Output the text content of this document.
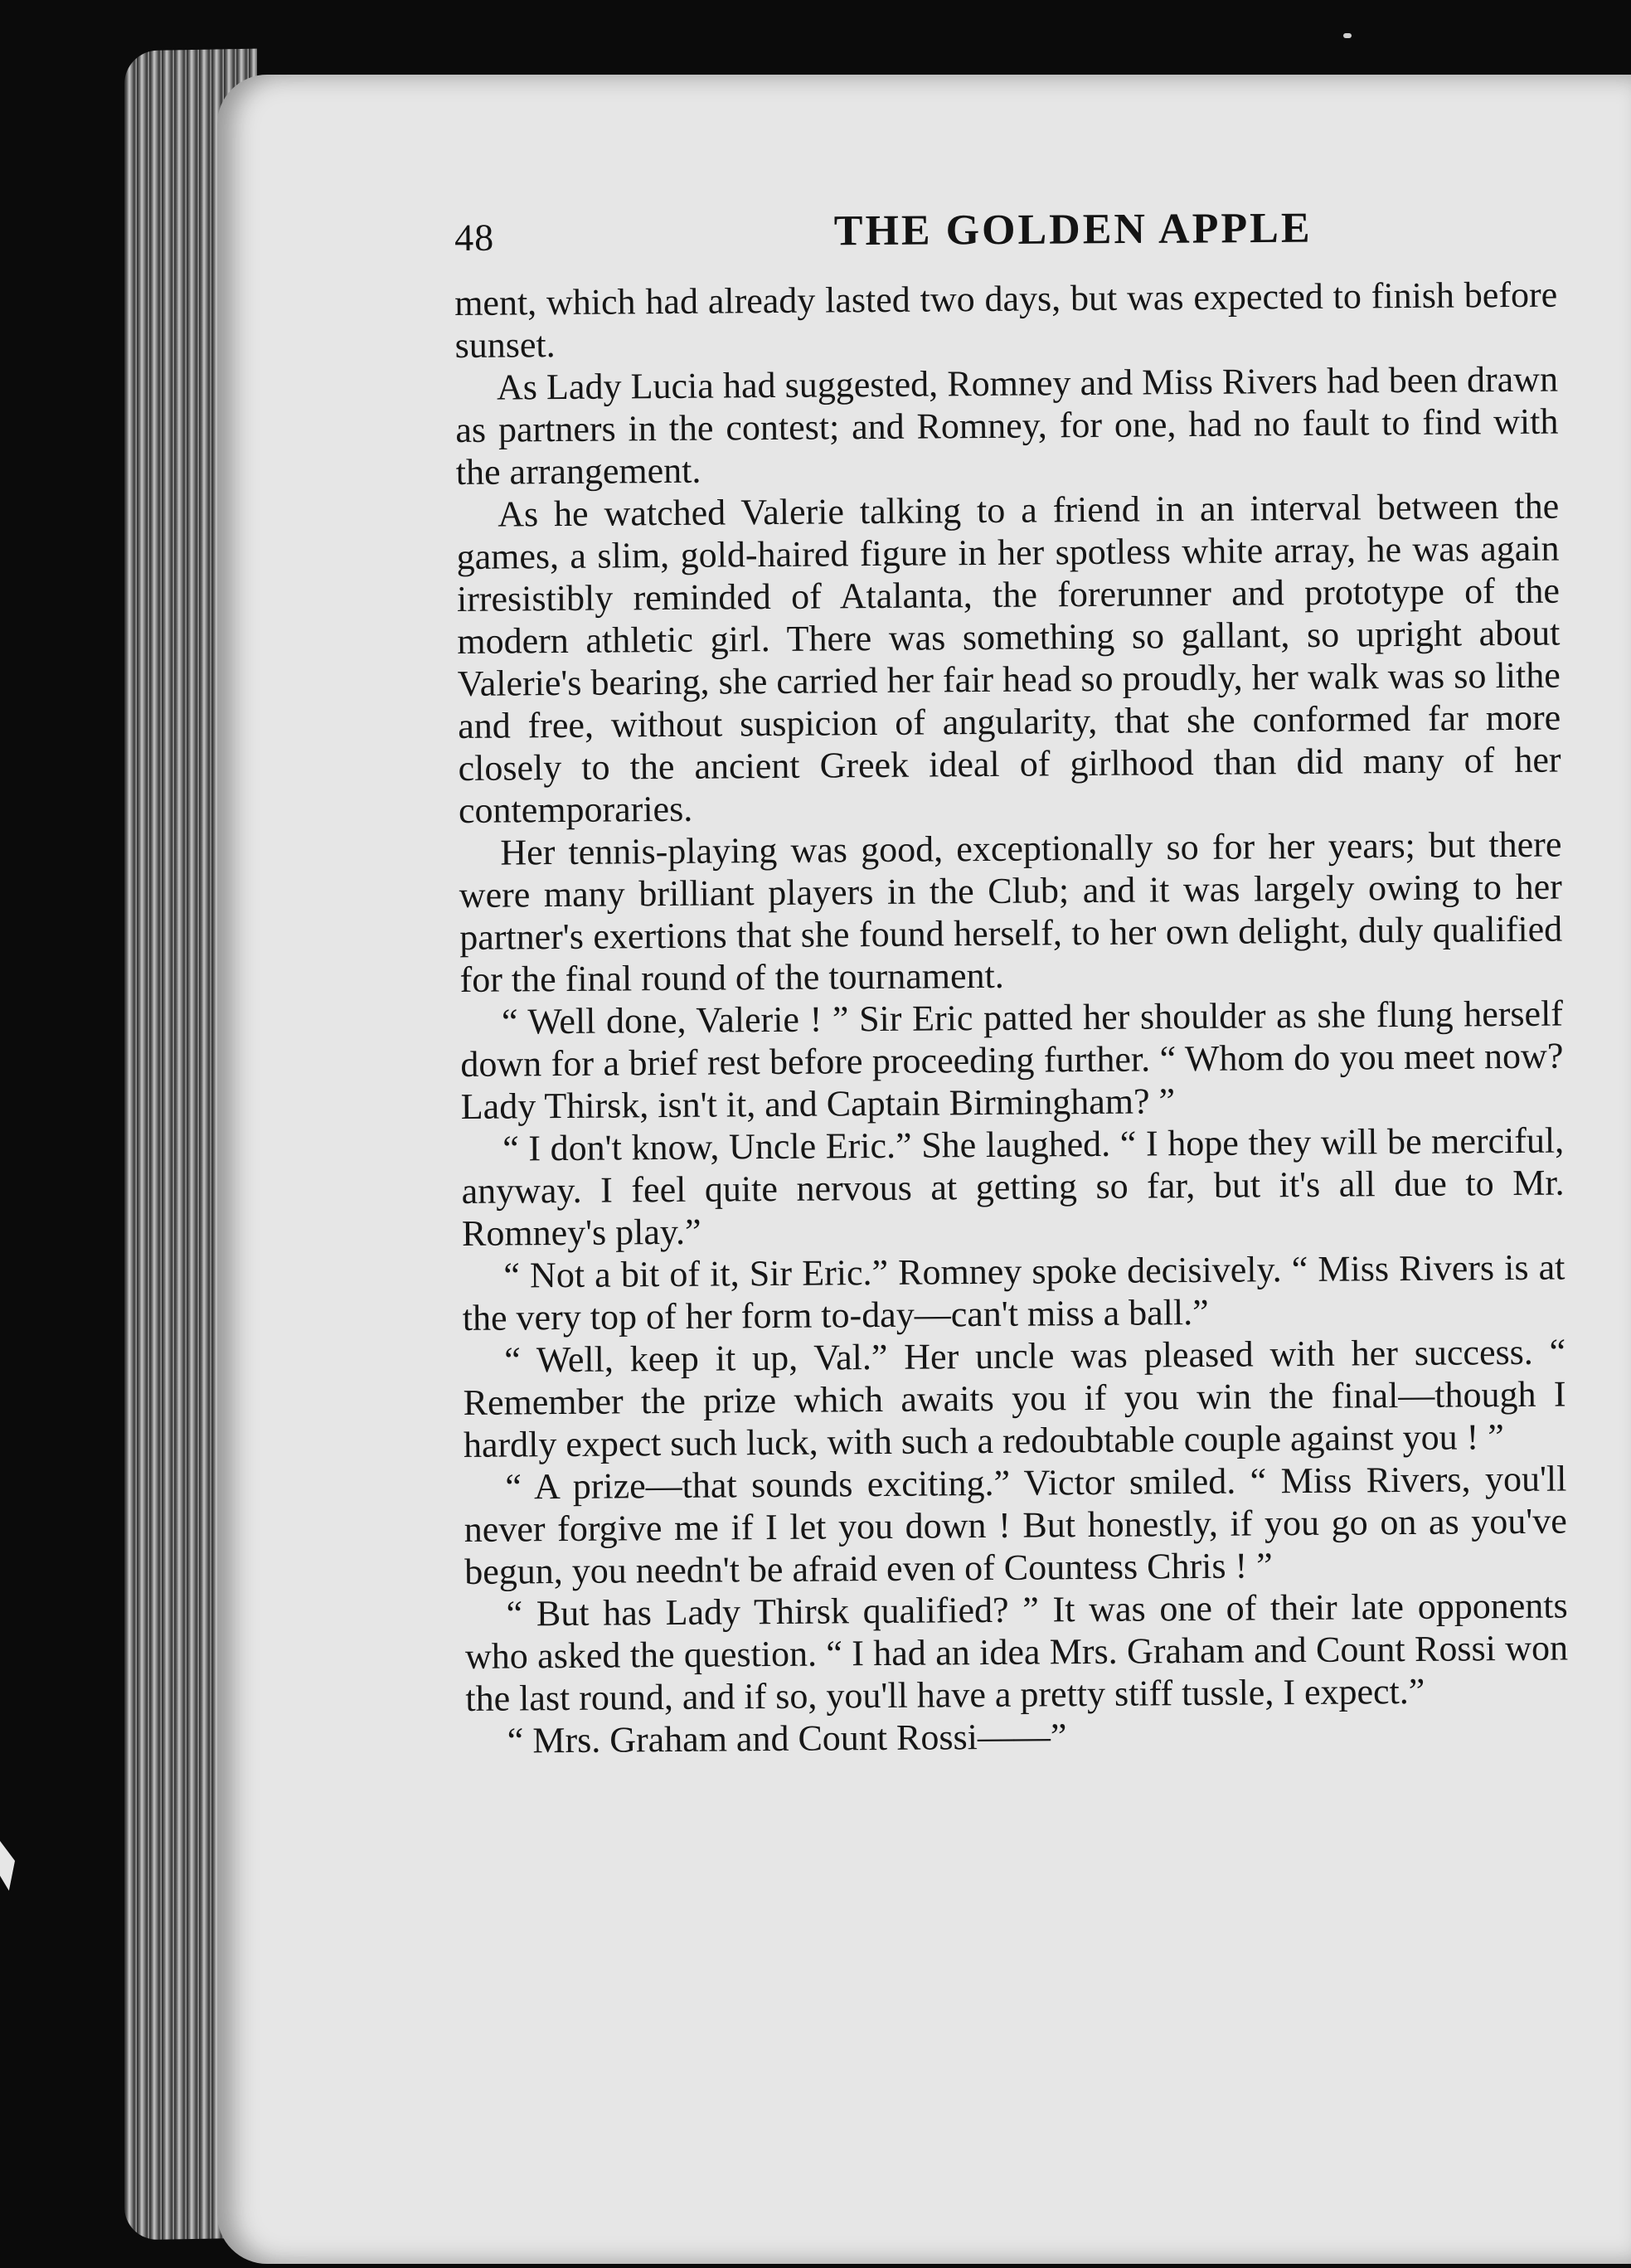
48	THE GOLDEN APPLE

ment, which had already lasted two days, but was expected to finish before sunset.

As Lady Lucia had suggested, Romney and Miss Rivers had been drawn as partners in the contest; and Romney, for one, had no fault to find with the arrangement.

As he watched Valerie talking to a friend in an interval between the games, a slim, gold-haired figure in her spotless white array, he was again irresistibly reminded of Atalanta, the forerunner and prototype of the modern athletic girl. There was something so gallant, so upright about Valerie's bearing, she carried her fair head so proudly, her walk was so lithe and free, without suspicion of angularity, that she conformed far more closely to the ancient Greek ideal of girlhood than did many of her contemporaries.

Her tennis-playing was good, exceptionally so for her years; but there were many brilliant players in the Club; and it was largely owing to her partner's exertions that she found herself, to her own delight, duly qualified for the final round of the tournament.

“ Well done, Valerie ! ” Sir Eric patted her shoulder as she flung herself down for a brief rest before proceeding further. “ Whom do you meet now? Lady Thirsk, isn't it, and Captain Birmingham? ”

“ I don't know, Uncle Eric.” She laughed. “ I hope they will be merciful, anyway. I feel quite nervous at getting so far, but it's all due to Mr. Romney's play.”

“ Not a bit of it, Sir Eric.” Romney spoke decisively. “ Miss Rivers is at the very top of her form to-day—can't miss a ball.”

“ Well, keep it up, Val.” Her uncle was pleased with her success. “ Remember the prize which awaits you if you win the final—though I hardly expect such luck, with such a redoubtable couple against you ! ”

“ A prize—that sounds exciting.” Victor smiled. “ Miss Rivers, you'll never forgive me if I let you down ! But honestly, if you go on as you've begun, you needn't be afraid even of Countess Chris ! ”

“ But has Lady Thirsk qualified? ” It was one of their late opponents who asked the question. “ I had an idea Mrs. Graham and Count Rossi won the last round, and if so, you'll have a pretty stiff tussle, I expect.”

“ Mrs. Graham and Count Rossi——”
